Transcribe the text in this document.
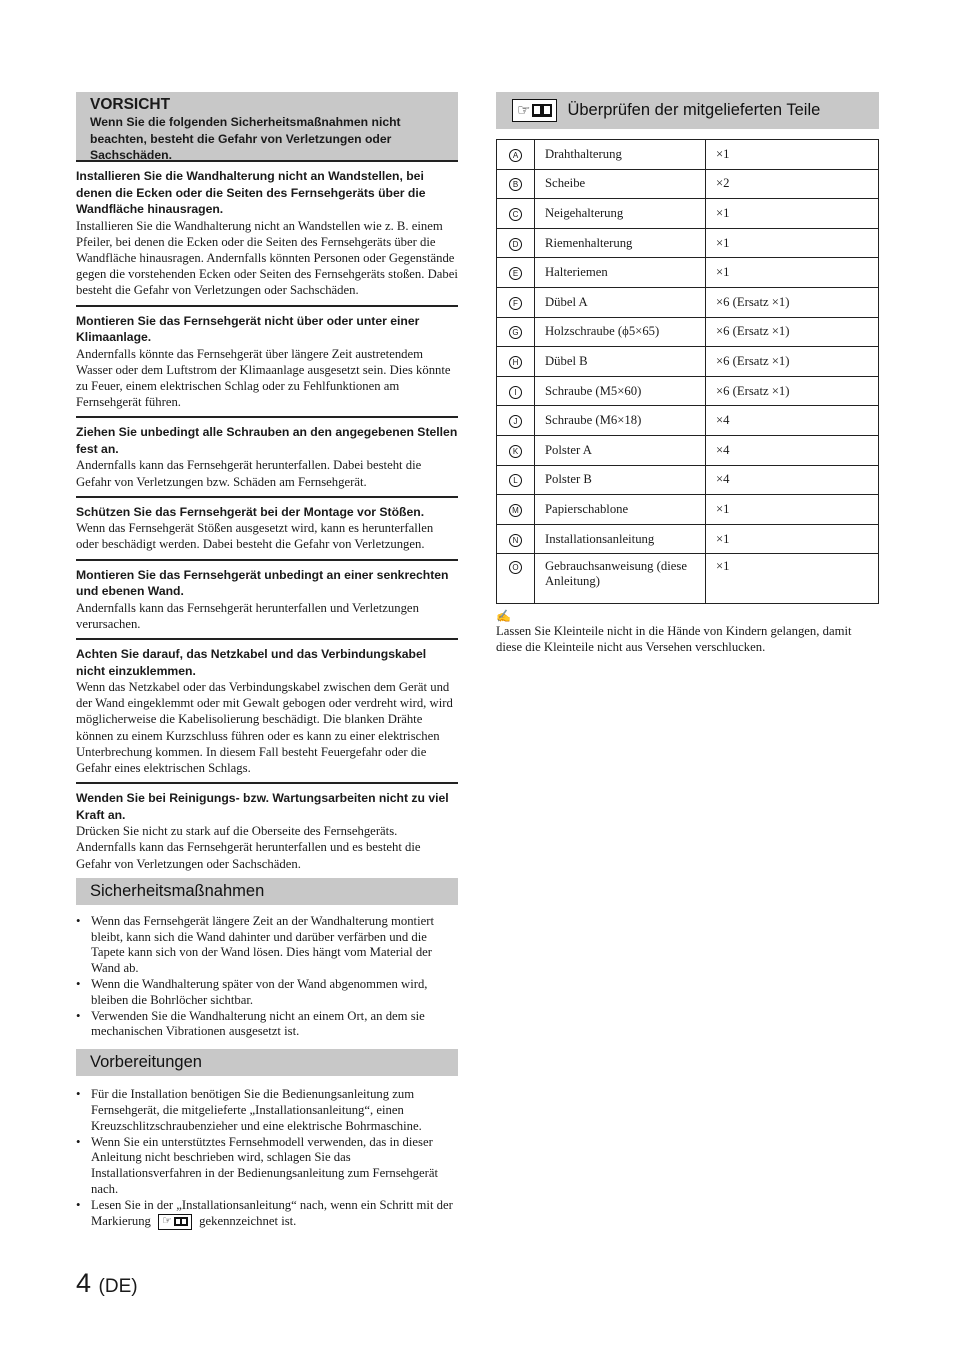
VORSICHT
Wenn Sie die folgenden Sicherheitsmaßnahmen nicht beachten, besteht die Gefahr von Verletzungen oder Sachschäden.
Installieren Sie die Wandhalterung nicht an Wandstellen, bei denen die Ecken oder die Seiten des Fernsehgeräts über die Wandfläche hinausragen.
Installieren Sie die Wandhalterung nicht an Wandstellen wie z. B. einem Pfeiler, bei denen die Ecken oder die Seiten des Fernsehgeräts über die Wandfläche hinausragen. Andernfalls könnten Personen oder Gegenstände gegen die vorstehenden Ecken oder Seiten des Fernsehgeräts stoßen. Dabei besteht die Gefahr von Verletzungen oder Sachschäden.
Montieren Sie das Fernsehgerät nicht über oder unter einer Klimaanlage.
Andernfalls könnte das Fernsehgerät über längere Zeit austretendem Wasser oder dem Luftstrom der Klimaanlage ausgesetzt sein. Dies könnte zu Feuer, einem elektrischen Schlag oder zu Fehlfunktionen am Fernsehgerät führen.
Ziehen Sie unbedingt alle Schrauben an den angegebenen Stellen fest an.
Andernfalls kann das Fernsehgerät herunterfallen. Dabei besteht die Gefahr von Verletzungen bzw. Schäden am Fernsehgerät.
Schützen Sie das Fernsehgerät bei der Montage vor Stößen.
Wenn das Fernsehgerät Stößen ausgesetzt wird, kann es herunterfallen oder beschädigt werden. Dabei besteht die Gefahr von Verletzungen.
Montieren Sie das Fernsehgerät unbedingt an einer senkrechten und ebenen Wand.
Andernfalls kann das Fernsehgerät herunterfallen und Verletzungen verursachen.
Achten Sie darauf, das Netzkabel und das Verbindungskabel nicht einzuklemmen.
Wenn das Netzkabel oder das Verbindungskabel zwischen dem Gerät und der Wand eingeklemmt oder mit Gewalt gebogen oder verdreht wird, wird möglicherweise die Kabelisolierung beschädigt. Die blanken Drähte können zu einem Kurzschluss führen oder es kann zu einer elektrischen Unterbrechung kommen. In diesem Fall besteht Feuergefahr oder die Gefahr eines elektrischen Schlags.
Wenden Sie bei Reinigungs- bzw. Wartungsarbeiten nicht zu viel Kraft an.
Drücken Sie nicht zu stark auf die Oberseite des Fernsehgeräts. Andernfalls kann das Fernsehgerät herunterfallen und es besteht die Gefahr von Verletzungen oder Sachschäden.
Sicherheitsmaßnahmen
• Wenn das Fernsehgerät längere Zeit an der Wandhalterung montiert bleibt, kann sich die Wand dahinter und darüber verfärben und die Tapete kann sich von der Wand lösen. Dies hängt vom Material der Wand ab.
• Wenn die Wandhalterung später von der Wand abgenommen wird, bleiben die Bohrlöcher sichtbar.
• Verwenden Sie die Wandhalterung nicht an einem Ort, an dem sie mechanischen Vibrationen ausgesetzt ist.
Vorbereitungen
• Für die Installation benötigen Sie die Bedienungsanleitung zum Fernsehgerät, die mitgelieferte „Installationsanleitung“, einen Kreuzschlitzschraubenzieher und eine elektrische Bohrmaschine.
• Wenn Sie ein unterstütztes Fernsehmodell verwenden, das in dieser Anleitung nicht beschrieben wird, schlagen Sie das Installationsverfahren in der Bedienungsanleitung zum Fernsehgerät nach.
• Lesen Sie in der „Installationsanleitung“ nach, wenn ein Schritt mit der Markierung ☞ gekennzeichnet ist.
☞ Überprüfen der mitgelieferten Teile
A	Drahthalterung	×1
B	Scheibe	×2
C	Neigehalterung	×1
D	Riemenhalterung	×1
E	Halteriemen	×1
F	Dübel A	×6 (Ersatz ×1)
G	Holzschraube (ϕ5×65)	×6 (Ersatz ×1)
H	Dübel B	×6 (Ersatz ×1)
I	Schraube (M5×60)	×6 (Ersatz ×1)
J	Schraube (M6×18)	×4
K	Polster A	×4
L	Polster B	×4
M	Papierschablone	×1
N	Installationsanleitung	×1
O	Gebrauchsanweisung (diese Anleitung)	×1
✍
Lassen Sie Kleinteile nicht in die Hände von Kindern gelangen, damit diese die Kleinteile nicht aus Versehen verschlucken.
4 (DE)
